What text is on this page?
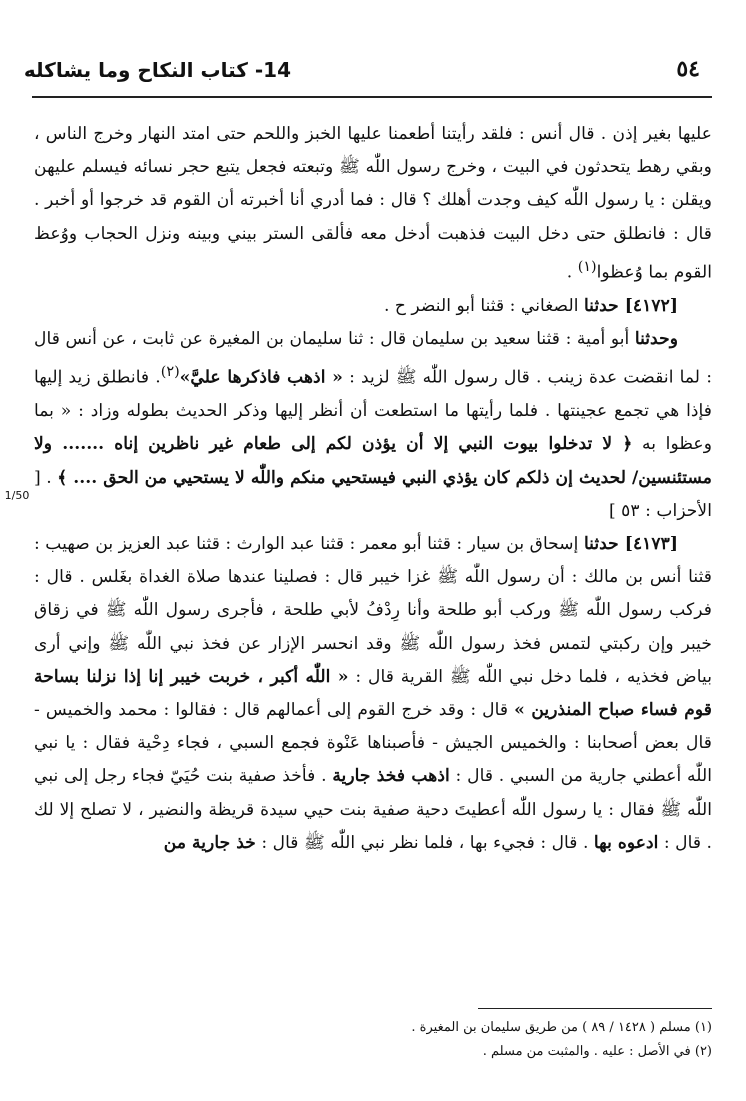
٥٤
14- كتاب النكاح وما يشاكله
1/50

عليها بغير إذن . قال أنس : فلقد رأيتنا أطعمنا عليها الخبز واللحم حتى امتد النهار وخرج الناس ، وبقي رهط يتحدثون في البيت ، وخرج رسول اللّٰه ﷺ وتبعته فجعل يتبع حجر نسائه فيسلم عليهن ويقلن : يا رسول اللّٰه كيف وجدت أهلك ؟ قال : فما أدري أنا أخبرته أن القوم قد خرجوا أو أخبر . قال : فانطلق حتى دخل البيت فذهبت أدخل معه فألقى الستر بيني وبينه ونزل الحجاب ووُعظ القوم بما وُعظوا$^{(١)}$ .

[٤١٧٢] حدثنا الصغاني : قثنا أبو النضر ح .

وحدثنا أبو أمية : قثنا سعيد بن سليمان قال : ثنا سليمان بن المغيرة عن ثابت ، عن أنس قال : لما انقضت عدة زينب . قال رسول اللّٰه ﷺ لزيد : « اذهب فاذكرها عليَّ»$^{(٢)}$. فانطلق زيد إليها فإذا هي تجمع عجينتها . فلما رأيتها ما استطعت أن أنظر إليها وذكر الحديث بطوله وزاد : « بما وعظوا به ﴿ لا تدخلوا بيوت النبي إلا أن يؤذن لكم إلى طعام غير ناظرين إناه ....... ولا مستئنسين/ لحديث إن ذلكم كان يؤذي النبي فيستحيي منكم واللّٰه لا يستحيي من الحق .... ﴾ . [ الأحزاب : ٥٣ ]

[٤١٧٣] حدثنا إسحاق بن سيار : قثنا أبو معمر : قثنا عبد الوارث : قثنا عبد العزيز بن صهيب : قثنا أنس بن مالك : أن رسول اللّٰه ﷺ غزا خيبر قال : فصلينا عندها صلاة الغداة بغَلس . قال : فركب رسول اللّٰه ﷺ وركب أبو طلحة وأنا رِدْفُ لأبي طلحة ، فأجرى رسول اللّٰه ﷺ في زقاق خيبر وإن ركبتي لتمس فخذ رسول اللّٰه ﷺ وقد انحسر الإزار عن فخذ نبي اللّٰه ﷺ وإني أرى بياض فخذيه ، فلما دخل نبي اللّٰه ﷺ القرية قال : « اللّٰه أكبر ، خربت خيبر إنا إذا نزلنا بساحة قوم فساء صباح المنذرين » قال : وقد خرج القوم إلى أعمالهم قال : فقالوا : محمد والخميس - قال بعض أصحابنا : والخميس الجيش - فأصبناها عَنْوة فجمع السبي ، فجاء دِحْية فقال : يا نبي اللّٰه أعطني جارية من السبي . قال : اذهب فخذ جارية . فأخذ صفية بنت حُيَيّ فجاء رجل إلى نبي اللّٰه ﷺ فقال : يا رسول اللّٰه أعطيتَ دحية صفية بنت حيي سيدة قريظة والنضير ، لا تصلح إلا لك . قال : ادعوه بها . قال : فجيء بها ، فلما نظر نبي اللّٰه ﷺ قال : خذ جارية من

(١) مسلم ( ١٤٢٨ / ٨٩ ) من طريق سليمان بن المغيرة .

(٢) في الأصل : عليه . والمثبت من مسلم .
